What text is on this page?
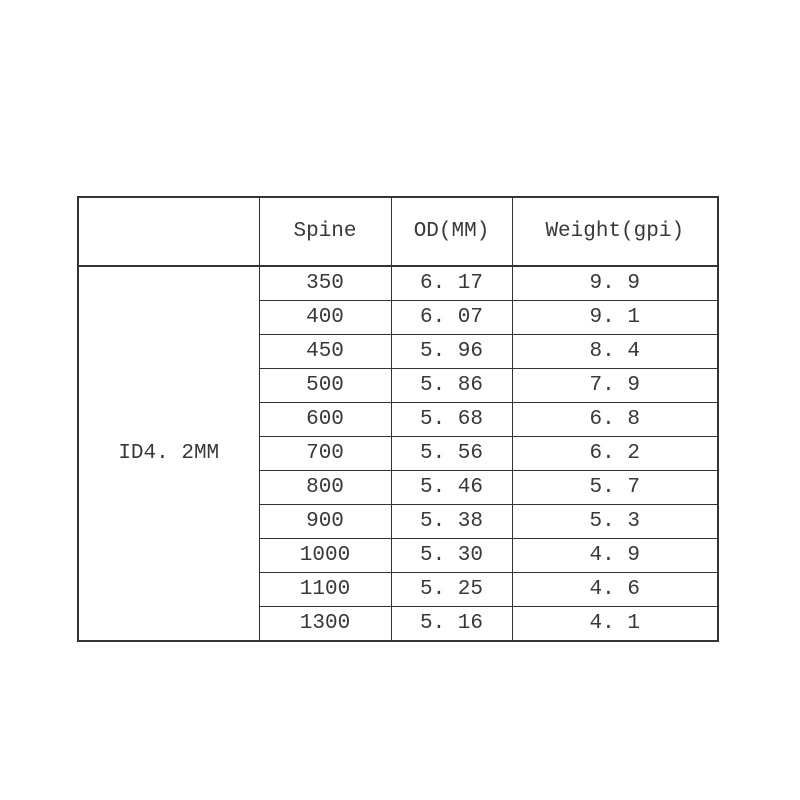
	Spine	OD(MM)	Weight(gpi)
ID4. 2MM	350	6. 17	9. 9
	400	6. 07	9. 1
	450	5. 96	8. 4
	500	5. 86	7. 9
	600	5. 68	6. 8
	700	5. 56	6. 2
	800	5. 46	5. 7
	900	5. 38	5. 3
	1000	5. 30	4. 9
	1100	5. 25	4. 6
	1300	5. 16	4. 1
